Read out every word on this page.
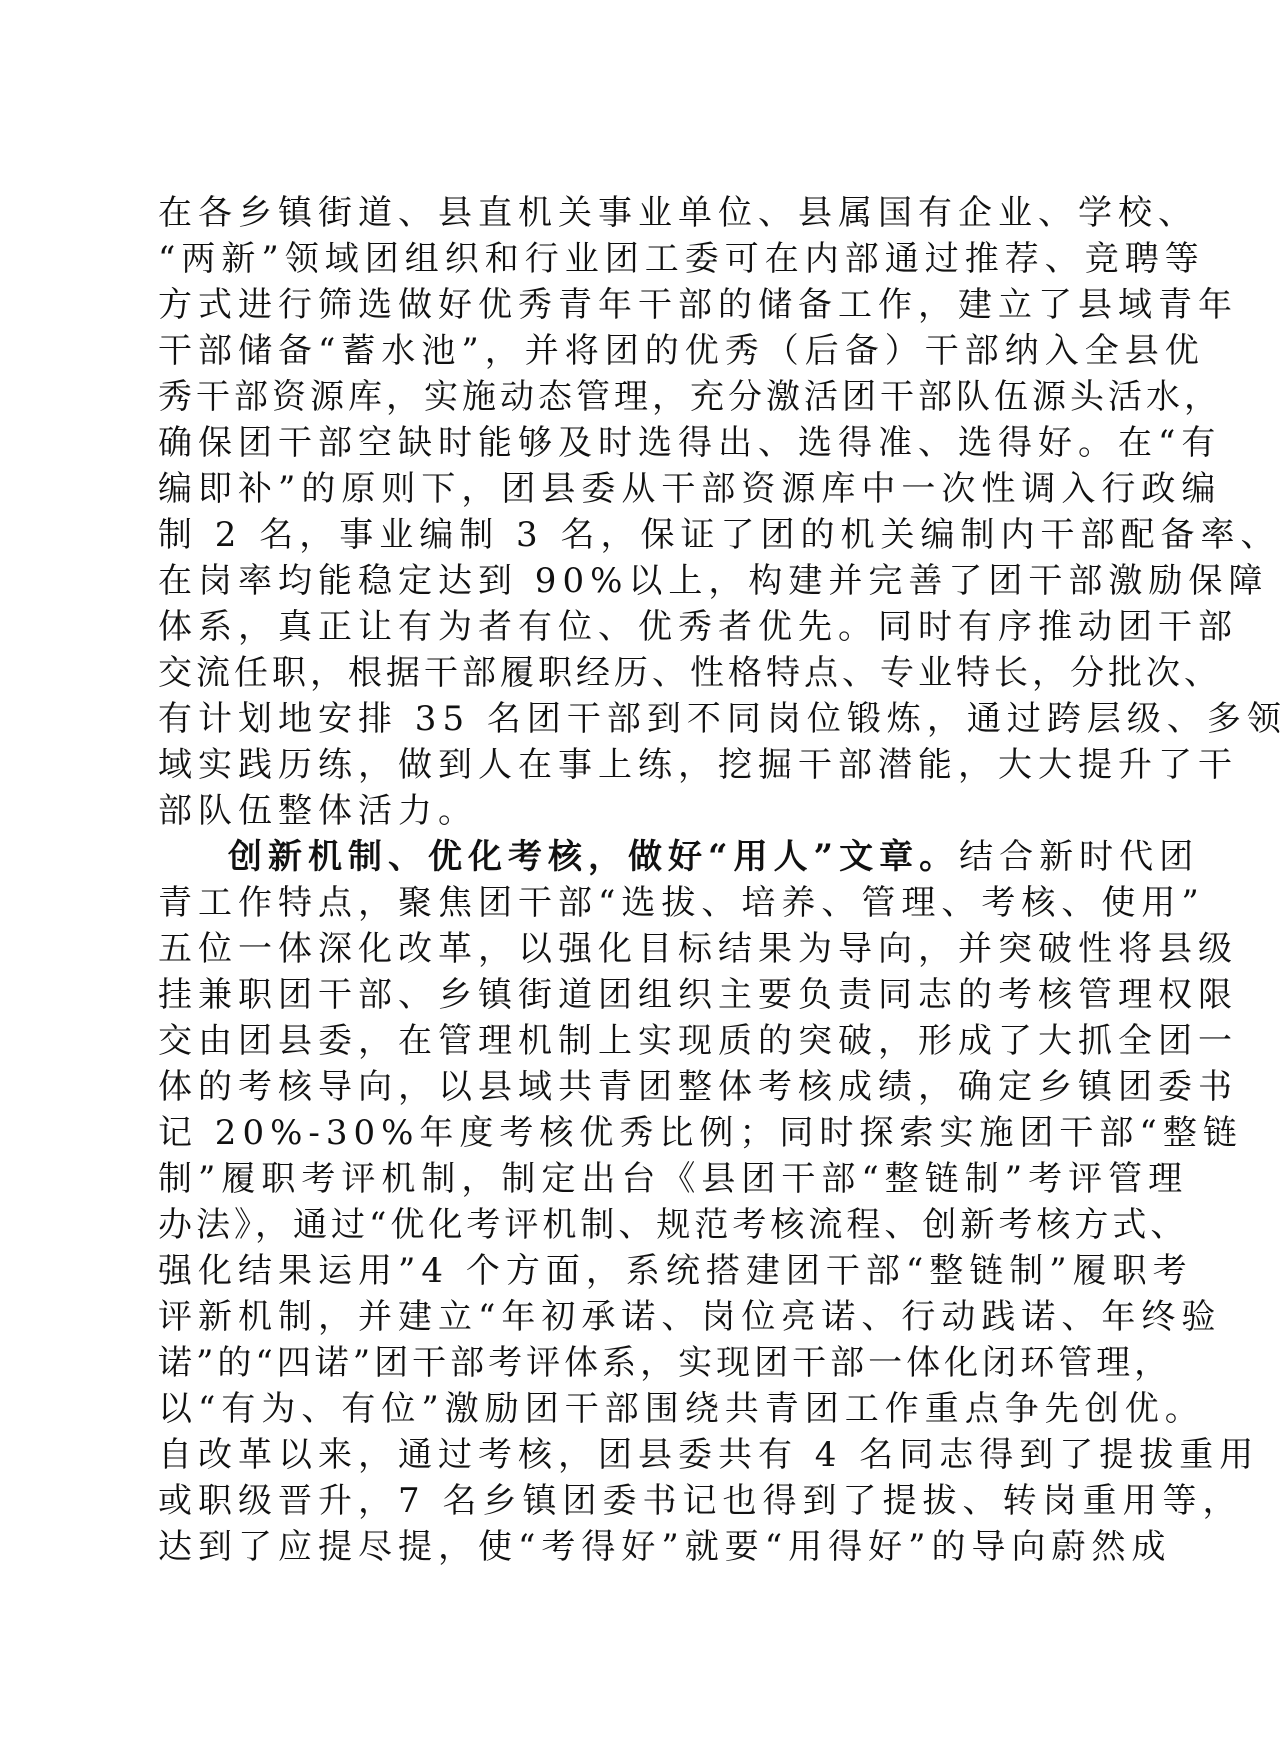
在各乡镇街道、县直机关事业单位、县属国有企业、学校、
“两新”领域团组织和行业团工委可在内部通过推荐、竞聘等
方式进行筛选做好优秀青年干部的储备工作，建立了县域青年
干部储备“蓄水池”，并将团的优秀（后备）干部纳入全县优
秀干部资源库，实施动态管理，充分激活团干部队伍源头活水，
确保团干部空缺时能够及时选得出、选得准、选得好。在“有
编即补”的原则下，团县委从干部资源库中一次性调入行政编
制 2 名，事业编制 3 名，保证了团的机关编制内干部配备率、
在岗率均能稳定达到 90%以上，构建并完善了团干部激励保障
体系，真正让有为者有位、优秀者优先。同时有序推动团干部
交流任职，根据干部履职经历、性格特点、专业特长，分批次、
有计划地安排 35 名团干部到不同岗位锻炼，通过跨层级、多领
域实践历练，做到人在事上练，挖掘干部潜能，大大提升了干
部队伍整体活力。
创新机制、优化考核，做好“用人”文章。结合新时代团
青工作特点，聚焦团干部“选拔、培养、管理、考核、使用”
五位一体深化改革，以强化目标结果为导向，并突破性将县级
挂兼职团干部、乡镇街道团组织主要负责同志的考核管理权限
交由团县委，在管理机制上实现质的突破，形成了大抓全团一
体的考核导向，以县域共青团整体考核成绩，确定乡镇团委书
记 20%-30%年度考核优秀比例；同时探索实施团干部“整链
制”履职考评机制，制定出台《县团干部“整链制”考评管理
办法》，通过“优化考评机制、规范考核流程、创新考核方式、
强化结果运用”4 个方面，系统搭建团干部“整链制”履职考
评新机制，并建立“年初承诺、岗位亮诺、行动践诺、年终验
诺”的“四诺”团干部考评体系，实现团干部一体化闭环管理，
以“有为、有位”激励团干部围绕共青团工作重点争先创优。
自改革以来，通过考核，团县委共有 4 名同志得到了提拔重用
或职级晋升，7 名乡镇团委书记也得到了提拔、转岗重用等，
达到了应提尽提，使“考得好”就要“用得好”的导向蔚然成
